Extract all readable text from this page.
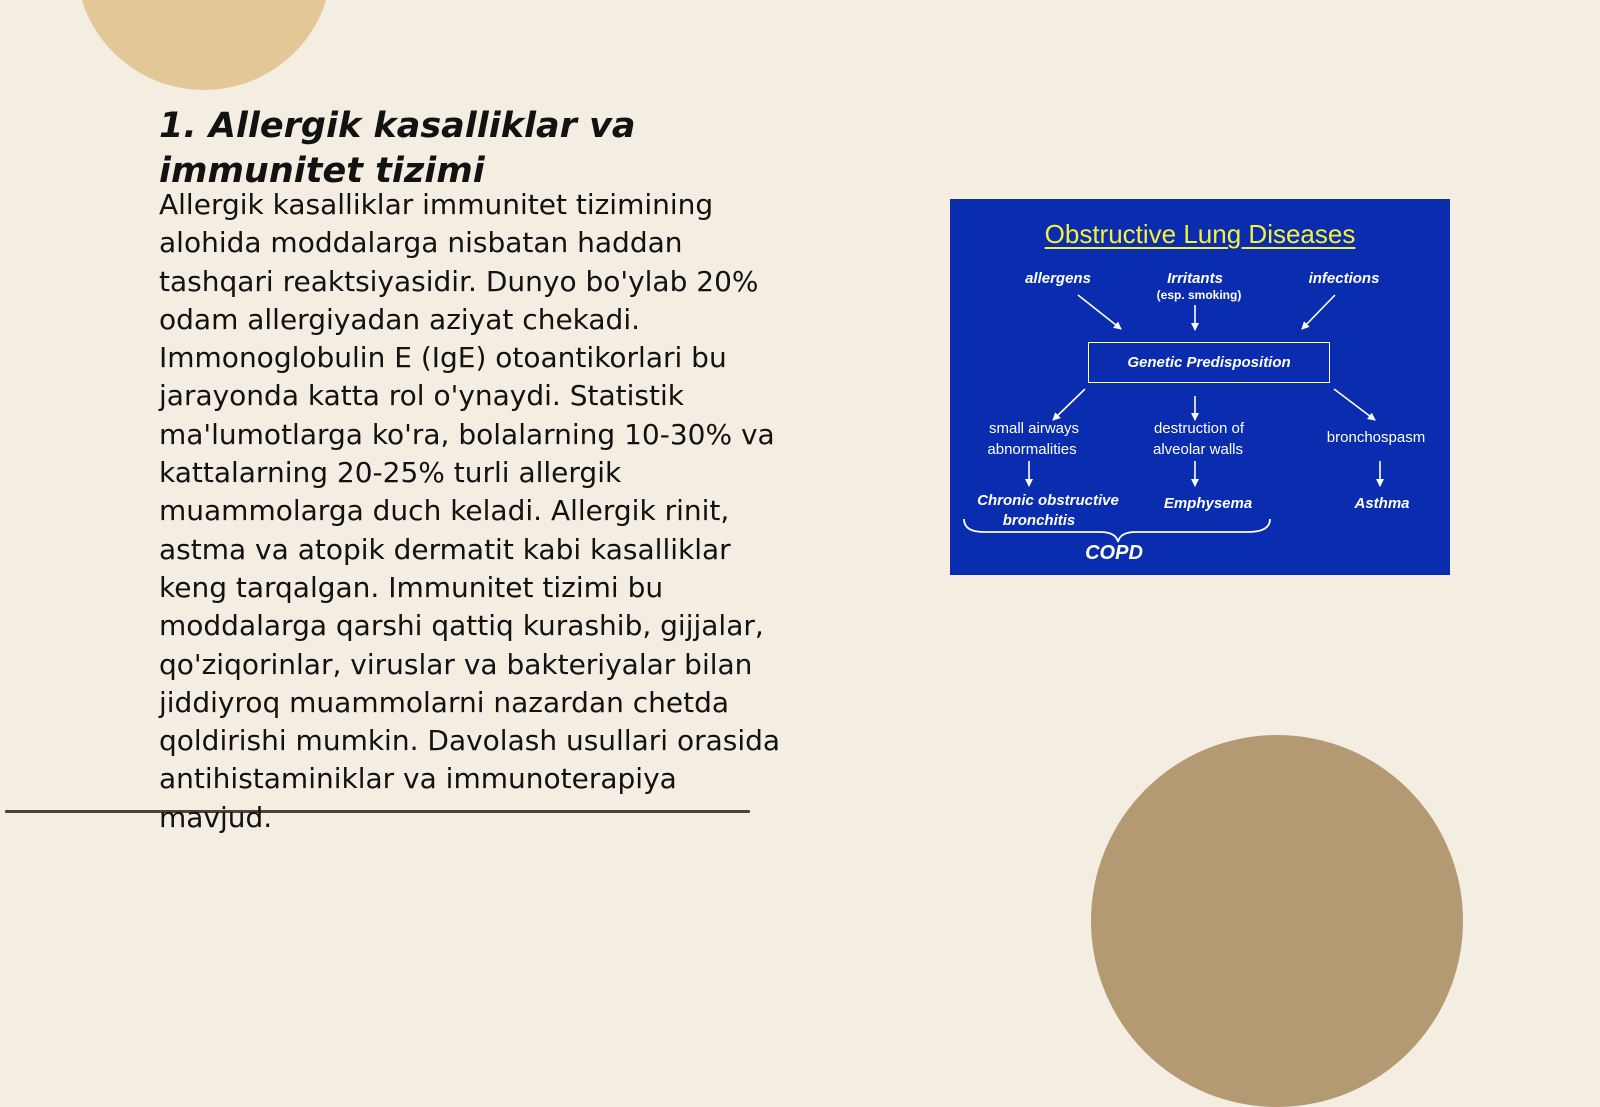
1. Allergik kasalliklar va immunitet tizimi

Allergik kasalliklar immunitet tizimining
alohida moddalarga nisbatan haddan
tashqari reaktsiyasidir. Dunyo bo'ylab 20%
odam allergiyadan aziyat chekadi.
Immonoglobulin E (IgE) otoantikorlari bu
jarayonda katta rol o'ynaydi. Statistik
ma'lumotlarga ko'ra, bolalarning 10-30% va
kattalarning 20-25% turli allergik
muammolarga duch keladi. Allergik rinit,
astma va atopik dermatit kabi kasalliklar
keng tarqalgan. Immunitet tizimi bu
moddalarga qarshi qattiq kurashib, gijjalar,
qo'ziqorinlar, viruslar va bakteriyalar bilan
jiddiyroq muammolarni nazardan chetda
qoldirishi mumkin. Davolash usullari orasida
antihistaminiklar va immunoterapiya
mavjud.

Obstructive Lung Diseases
allergens	Irritants
(esp. smoking)
infections
Genetic Predisposition
small airways
abnormalities
destruction of
alveolar walls
bronchospasm
Chronic obstructive
bronchitis
Emphysema	Asthma
COPD
